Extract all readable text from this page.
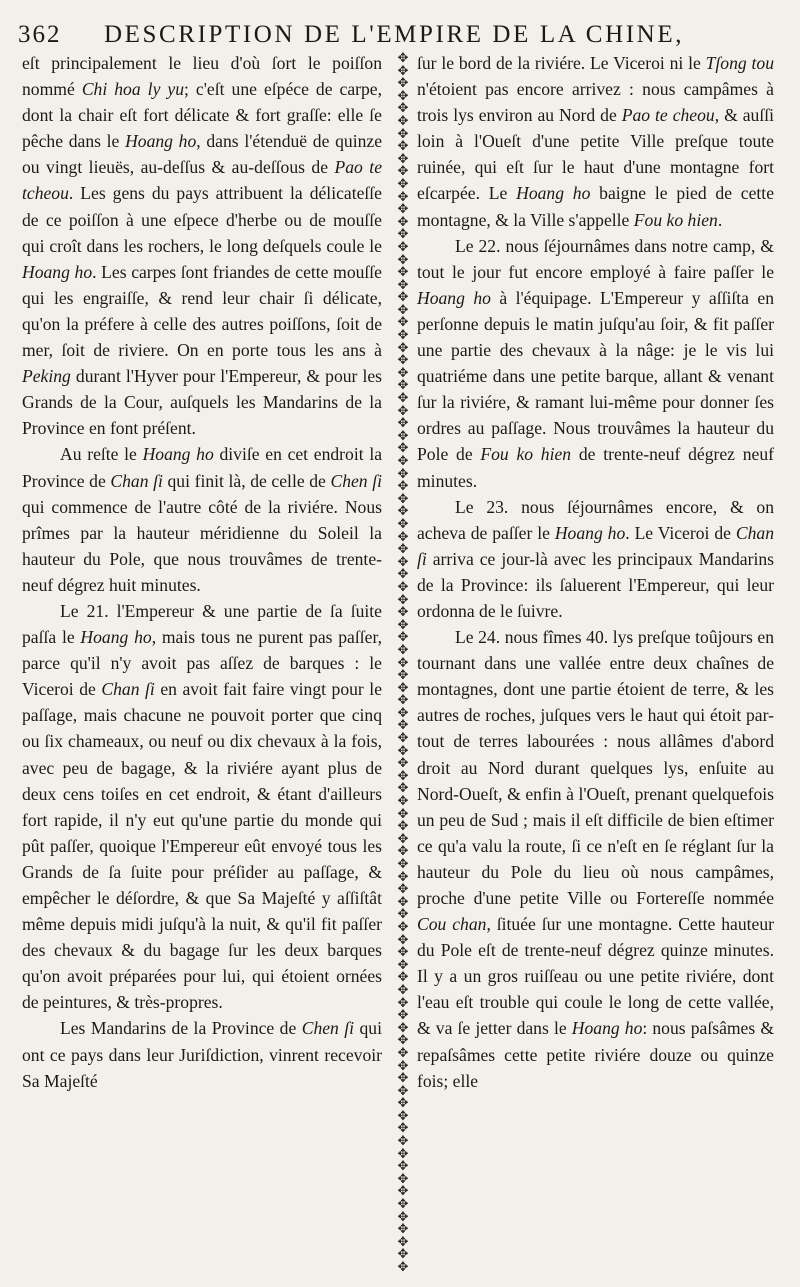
362 DESCRIPTION DE L'EMPIRE DE LA CHINE,

eſt principalement le lieu d'où ſort le poiſſon nommé Chi hoa ly yu; c'eſt une eſpéce de carpe, dont la chair eſt fort délicate & fort graſſe: elle ſe pêche dans le Hoang ho, dans l'étenduë de quinze ou vingt lieuës, au-deſſus & au-deſſous de Pao te tcheou. Les gens du pays attribuent la délicateſſe de ce poiſſon à une eſpece d'herbe ou de mouſſe qui croît dans les rochers, le long deſquels coule le Hoang ho. Les carpes ſont friandes de cette mouſſe qui les engraiſſe, & rend leur chair ſi délicate, qu'on la préfere à celle des autres poiſſons, ſoit de mer, ſoit de riviere. On en porte tous les ans à Peking durant l'Hyver pour l'Empereur, & pour les Grands de la Cour, auſquels les Mandarins de la Province en font préſent.

Au reſte le Hoang ho diviſe en cet endroit la Province de Chan ſi qui finit là, de celle de Chen ſi qui commence de l'autre côté de la riviére. Nous prîmes par la hauteur méridienne du Soleil la hauteur du Pole, que nous trouvâmes de trente-neuf dégrez huit minutes.

Le 21. l'Empereur & une partie de ſa ſuite paſſa le Hoang ho, mais tous ne purent pas paſſer, parce qu'il n'y avoit pas aſſez de barques : le Viceroi de Chan ſi en avoit fait faire vingt pour le paſſage, mais chacune ne pouvoit porter que cinq ou ſix chameaux, ou neuf ou dix chevaux à la fois, avec peu de bagage, & la riviére ayant plus de deux cens toiſes en cet endroit, & étant d'ailleurs fort rapide, il n'y eut qu'une partie du monde qui pût paſſer, quoique l'Empereur eût envoyé tous les Grands de ſa ſuite pour préſider au paſſage, & empêcher le déſordre, & que Sa Majeſté y aſſiſtât même depuis midi juſqu'à la nuit, & qu'il fit paſſer des chevaux & du bagage ſur les deux barques qu'on avoit préparées pour lui, qui étoient ornées de peintures, & très-propres.

Les Mandarins de la Province de Chen ſi qui ont ce pays dans leur Juriſdiction, vinrent recevoir Sa Majeſté

✥
✥
✥
✥
✥
✥
✥
✥
✥
✥
✥
✥
✥
✥
✥
✥
✥
✥
✥
✥
✥
✥
✥
✥
✥
✥
✥
✥
✥
✥
✥
✥
✥
✥
✥
✥
✥
✥
✥
✥
✥
✥
✥
✥
✥
✥
✥
✥
✥
✥
✥
✥
✥
✥
✥
✥
✥
✥
✥
✥
✥
✥
✥
✥
✥
✥
✥
✥
✥
✥
✥
✥
✥
✥
✥
✥
✥
✥
✥
✥
✥
✥
✥
✥
✥
✥
✥
✥
✥
✥
✥
✥
✥
✥
✥
✥
✥

ſur le bord de la riviére. Le Viceroi ni le Tſong tou n'étoient pas encore arrivez : nous campâmes à trois lys environ au Nord de Pao te cheou, & auſſi loin à l'Oueſt d'une petite Ville preſque toute ruinée, qui eſt ſur le haut d'une montagne fort eſcarpée. Le Hoang ho baigne le pied de cette montagne, & la Ville s'appelle Fou ko hien.

Le 22. nous ſéjournâmes dans notre camp, & tout le jour fut encore employé à faire paſſer le Hoang ho à l'équipage. L'Empereur y aſſiſta en perſonne depuis le matin juſqu'au ſoir, & fit paſſer une partie des chevaux à la nâge: je le vis lui quatriéme dans une petite barque, allant & venant ſur la riviére, & ramant lui-même pour donner ſes ordres au paſſage. Nous trouvâmes la hauteur du Pole de Fou ko hien de trente-neuf dégrez neuf minutes.

Le 23. nous ſéjournâmes encore, & on acheva de paſſer le Hoang ho. Le Viceroi de Chan ſi arriva ce jour-là avec les principaux Mandarins de la Province: ils ſaluerent l'Empereur, qui leur ordonna de le ſuivre.

Le 24. nous fîmes 40. lys preſque toûjours en tournant dans une vallée entre deux chaînes de montagnes, dont une partie étoient de terre, & les autres de roches, juſques vers le haut qui étoit par-tout de terres labourées : nous allâmes d'abord droit au Nord durant quelques lys, enſuite au Nord-Oueſt, & enfin à l'Oueſt, prenant quelquefois un peu de Sud ; mais il eſt difficile de bien eſtimer ce qu'a valu la route, ſi ce n'eſt en ſe réglant ſur la hauteur du Pole du lieu où nous campâmes, proche d'une petite Ville ou Fortereſſe nommée Cou chan, ſituée ſur une montagne. Cette hauteur du Pole eſt de trente-neuf dégrez quinze minutes. Il y a un gros ruiſſeau ou une petite riviére, dont l'eau eſt trouble qui coule le long de cette vallée, & va ſe jetter dans le Hoang ho: nous paſsâmes & repaſsâmes cette petite riviére douze ou quinze fois; elle
